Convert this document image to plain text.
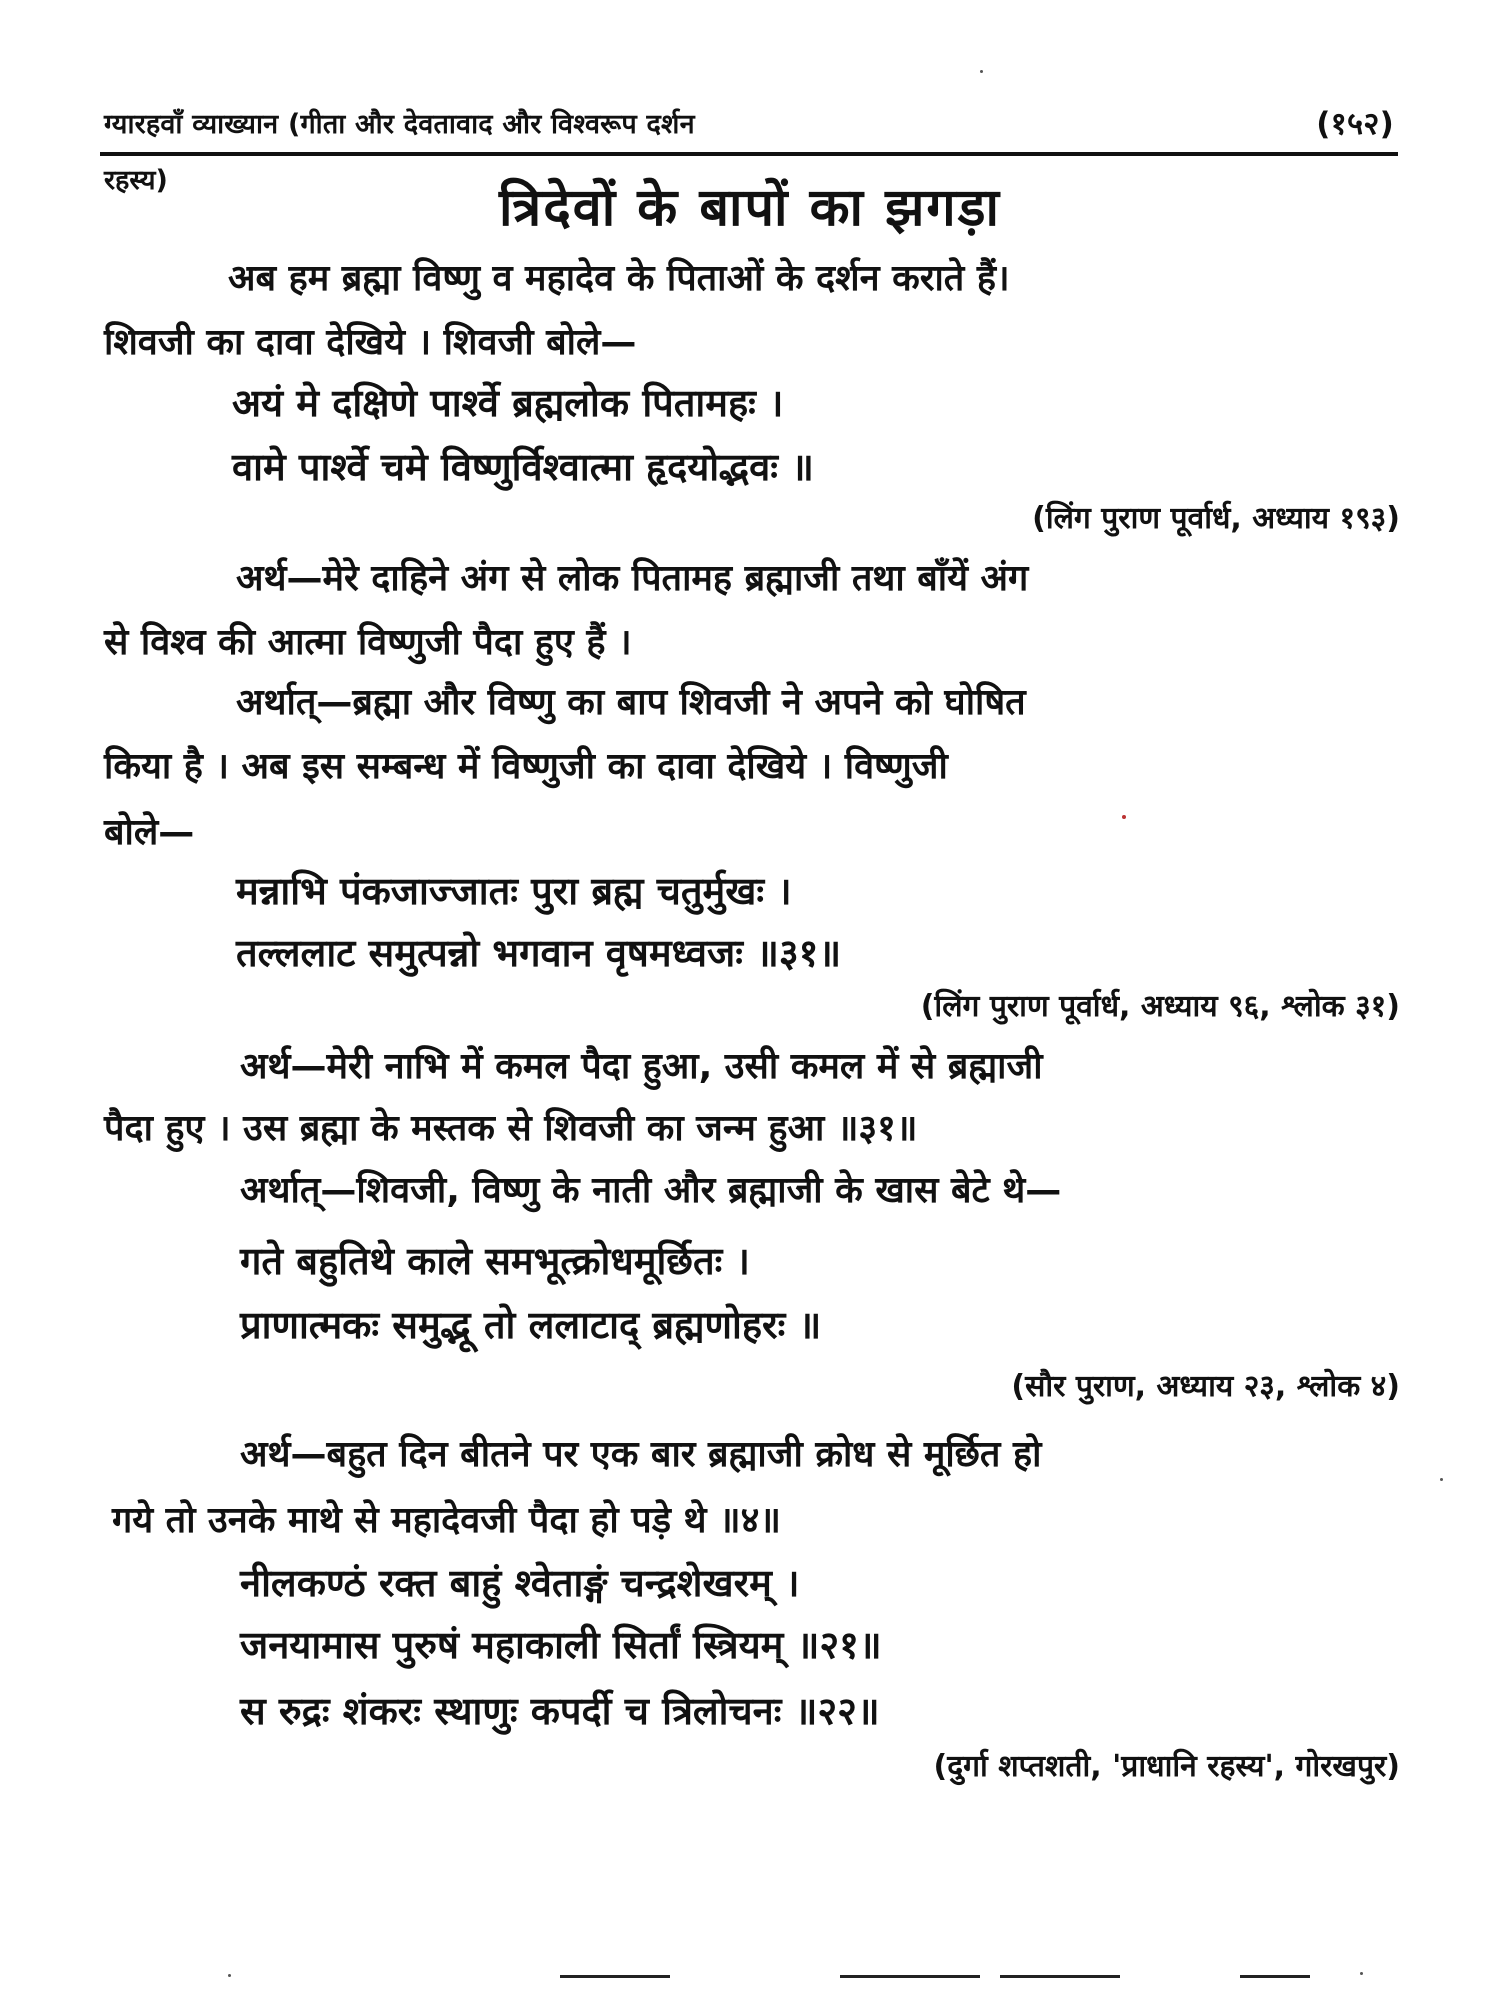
ग्यारहवाँ व्याख्यान (गीता और देवतावाद और विश्वरूप दर्शन	(१५२)
रहस्य)	त्रिदेवों के बापों का झगड़ा
अब हम ब्रह्मा विष्णु व महादेव के पिताओं के दर्शन कराते हैं।
शिवजी का दावा देखिये । शिवजी बोले—
अयं मे दक्षिणे पार्श्वे ब्रह्मलोक पितामहः ।
वामे पार्श्वे चमे विष्णुर्विश्वात्मा हृदयोद्भवः ॥
(लिंग पुराण पूर्वार्ध, अध्याय १९३)
अर्थ—मेरे दाहिने अंग से लोक पितामह ब्रह्माजी तथा बाँयें अंग
से विश्व की आत्मा विष्णुजी पैदा हुए हैं ।
अर्थात्—ब्रह्मा और विष्णु का बाप शिवजी ने अपने को घोषित
किया है । अब इस सम्बन्ध में विष्णुजी का दावा देखिये । विष्णुजी
बोले—
मन्नाभि पंकजाज्जातः पुरा ब्रह्म चतुर्मुखः ।
तल्ललाट समुत्पन्नो भगवान वृषमध्वजः ॥३१॥
(लिंग पुराण पूर्वार्ध, अध्याय ९६, श्लोक ३१)
अर्थ—मेरी नाभि में कमल पैदा हुआ, उसी कमल में से ब्रह्माजी
पैदा हुए । उस ब्रह्मा के मस्तक से शिवजी का जन्म हुआ ॥३१॥
अर्थात्—शिवजी, विष्णु के नाती और ब्रह्माजी के खास बेटे थे—
गते बहुतिथे काले समभूत्क्रोधमूर्छितः ।
प्राणात्मकः समुद्भू तो ललाटाद् ब्रह्मणोहरः ॥
(सौर पुराण, अध्याय २३, श्लोक ४)
अर्थ—बहुत दिन बीतने पर एक बार ब्रह्माजी क्रोध से मूर्छित हो
गये तो उनके माथे से महादेवजी पैदा हो पड़े थे ॥४॥
नीलकण्ठं रक्त बाहुं श्वेताङ्गं चन्द्रशेखरम् ।
जनयामास पुरुषं महाकाली सिर्तां स्त्रियम् ॥२१॥
स रुद्रः शंकरः स्थाणुः कपर्दी च त्रिलोचनः ॥२२॥
(दुर्गा शप्तशती, 'प्राधानि रहस्य', गोरखपुर)
